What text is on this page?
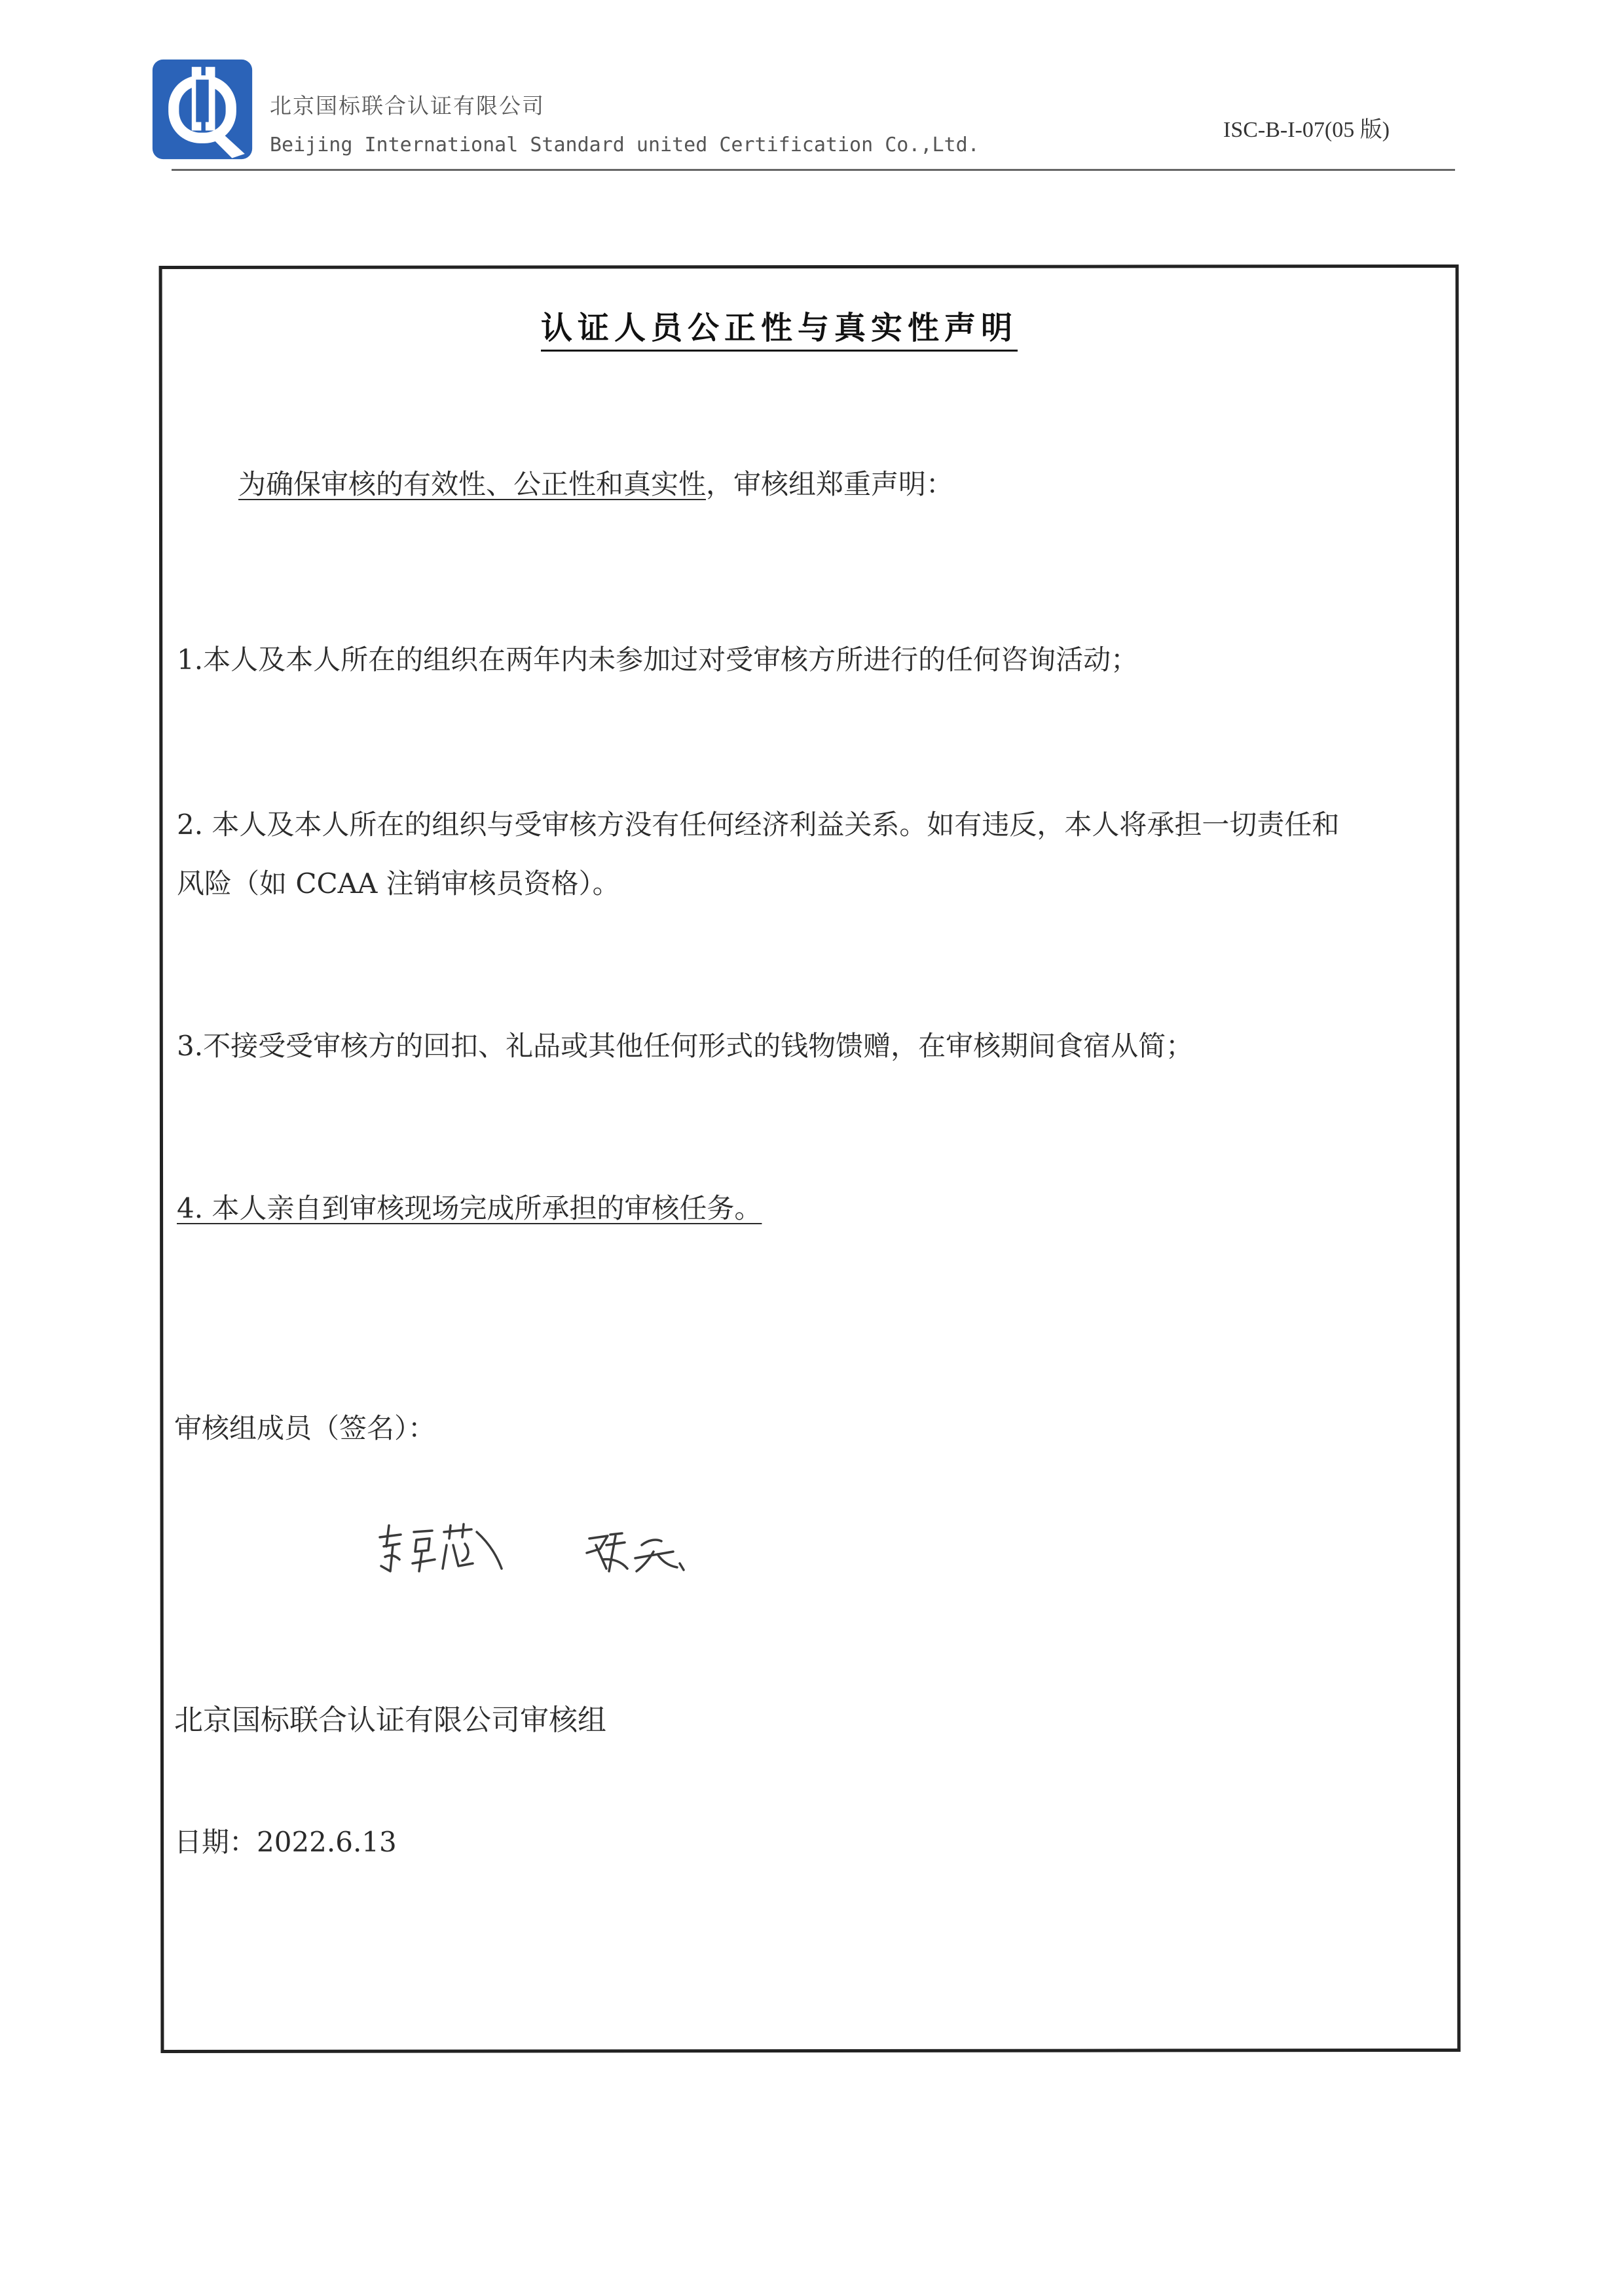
北京国标联合认证有限公司
Beijing International Standard united Certification Co.,Ltd.
ISC-B-I-07(05 版)
认证人员公正性与真实性声明
为确保审核的有效性、公正性和真实性，审核组郑重声明：
1.本人及本人所在的组织在两年内未参加过对受审核方所进行的任何咨询活动；
2. 本人及本人所在的组织与受审核方没有任何经济利益关系。如有违反，本人将承担一切责任和
风险（如 CCAA 注销审核员资格）。
3.不接受受审核方的回扣、礼品或其他任何形式的钱物馈赠，在审核期间食宿从简；
4. 本人亲自到审核现场完成所承担的审核任务。
审核组成员（签名）：
北京国标联合认证有限公司审核组
日期：2022.6.13
